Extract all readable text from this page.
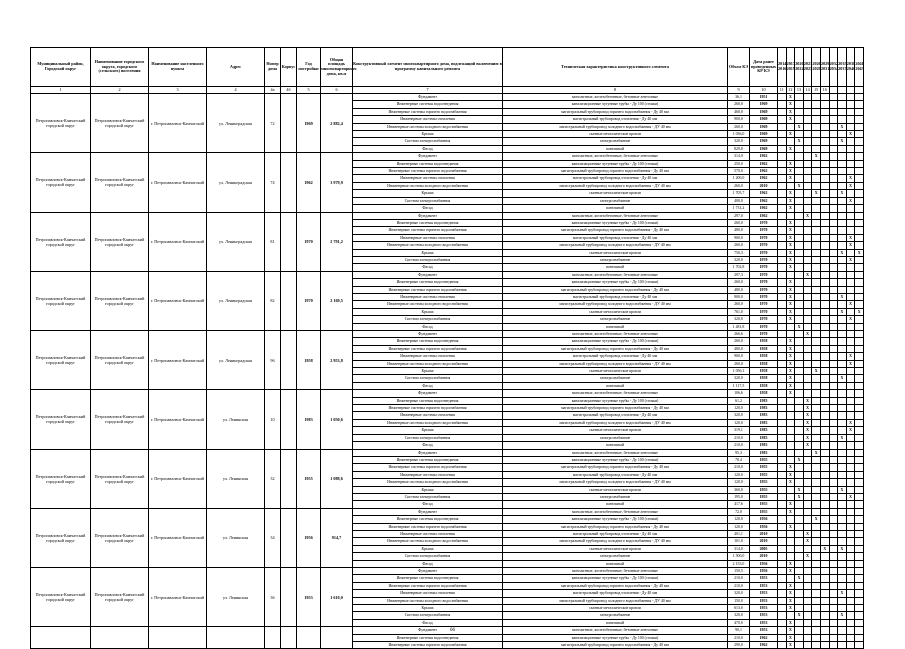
Муниципальный район, Городской округ	Наименование городского округа, городского (сельского) поселения	Наименование населенного пункта	Адрес	Номер дома	Корпус	Год постройки	Общая площадь многоквартирного дома, кв.м	Конструктивный элемент многоквартирного дома, подлежащий включению в программу капитального ремонта	Техническая характеристика конструктивного элемента	Объем КЭ	Дата ранее проведенных КР КЭ	2014 2016	2017 2019	2020 2022	2023 2025	2026 2028	2029 2031	2032 2034	2035 2037	2038 2040	2041 2043
1	2	3	4	4а	4б	5	6	7	8	9	10	11	12	13	14	15	16				
Петропавловск-Камчатский городской округ	Петропавловск-Камчатский городской округ	г. Петропавловск-Камчатский	ул. Ленинградская	72		1969	2 882,4	Фундамент	монолитные, железобетонные, бетонные ленточные	36,1	1951		X								
								Инженерные системы водоотведения	канализационные чугунные трубы - Ду 100 (стояки)	260,0	1969		X								
								Инженерные системы горячего водоснабжения	магистральный трубопровод горячего водоснабжения - Ду 40 мм	460,0	1969		X								
								Инженерные системы отопления	магистральный трубопровод отопления - Ду 40 мм	900,0	1969		X								
								Инженерные системы холодного водоснабжения	магистральный трубопровод холодного водоснабжения - ДУ 40 мм	260,0	1969			X					X		
								Крыша	скатные металлические кровли	1 036,0	1969		X							X	
								Система электроснабжения	электроснабжение	320,0	1969			X					X		
								Фасад	панельный	829,8	1969		X								
Петропавловск-Камчатский городской округ	Петропавловск-Камчатский городской округ	г. Петропавловск-Камчатский	ул. Ленинградская	74		1962	3 979,9	Фундамент	монолитные, железобетонные, бетонные ленточные	314,9	1962					X					
								Инженерные системы водоотведения	канализационные чугунные трубы - Ду 100 (стояки)	250,0	1962		X								
								Инженерные системы горячего водоснабжения	магистральный трубопровод горячего водоснабжения - Ду 40 мм	570,0	1962		X								
								Инженерные системы отопления	магистральный трубопровод отопления - Ду 40 мм	1 200,0	1962		X							X	
								Инженерные системы холодного водоснабжения	магистральный трубопровод холодного водоснабжения - ДУ 40 мм	260,0	2010			X						X	
								Крыша	скатные металлические кровли	1 705,7	1962		X			X			X		
								Система электроснабжения	электроснабжение	400,0	1962		X							X	
								Фасад	панельный	1 731,2	1962		X								
Петропавловск-Камчатский городской округ	Петропавловск-Камчатский городской округ	г. Петропавловск-Камчатский	ул. Ленинградская	81		1970	2 791,2	Фундамент	монолитные, железобетонные, бетонные ленточные	297,0	1962				X						
								Инженерные системы водоотведения	канализационные чугунные трубы - Ду 100 (стояки)	260,0	1970		X								
								Инженерные системы горячего водоснабжения	магистральный трубопровод горячего водоснабжения - Ду 40 мм	480,0	1970		X								
								Инженерные системы отопления	магистральный трубопровод отопления - Ду 40 мм	900,0	1970		X							X	
								Инженерные системы холодного водоснабжения	магистральный трубопровод холодного водоснабжения - ДУ 40 мм	260,0	1970		X							X	
								Крыша	скатные металлические кровли	750,3	1970		X						X		X
								Система электроснабжения	электроснабжение	320,0	1970		X							X	
								Фасад	панельный	1 702,8	1970		X								
Петропавловск-Камчатский городской округ	Петропавловск-Камчатский городской округ	г. Петропавловск-Камчатский	ул. Ленинградская	82		1970	2 169,5	Фундамент	монолитные, железобетонные, бетонные ленточные	297,3	1970				X						
								Инженерные системы водоотведения	канализационные чугунные трубы - Ду 100 (стояки)	260,0	1970		X								
								Инженерные системы горячего водоснабжения	магистральный трубопровод горячего водоснабжения - Ду 40 мм	480,0	1970		X								
								Инженерные системы отопления	магистральный трубопровод отопления - Ду 40 мм	900,0	1970		X						X		
								Инженерные системы холодного водоснабжения	магистральный трубопровод холодного водоснабжения - ДУ 40 мм	260,0	1970		X							X	
								Крыша	скатные металлические кровли	761,0	1970		X						X		X
								Система электроснабжения	электроснабжение	320,0	1970		X							X	
								Фасад	панельный	1 481,8	1970			X							
Петропавловск-Камчатский городской округ	Петропавловск-Камчатский городской округ	г. Петропавловск-Камчатский	ул. Ленинградская	96		1958	2 953,8	Фундамент	монолитные, железобетонные, бетонные ленточные	266,6	1970				X						
								Инженерные системы водоотведения	канализационные чугунные трубы - Ду 100 (стояки)	260,0	1958		X								
								Инженерные системы горячего водоснабжения	магистральный трубопровод горячего водоснабжения - Ду 40 мм	480,0	1958		X								
								Инженерные системы отопления	магистральный трубопровод отопления - Ду 40 мм	900,0	1958		X							X	
								Инженерные системы холодного водоснабжения	магистральный трубопровод холодного водоснабжения - ДУ 40 мм	260,0	1958		X							X	
								Крыша	скатные металлические кровли	1 056,1	1958		X			X					
								Система электроснабжения	электроснабжение	320,0	1958		X						X		
								Фасад	панельный	1 117,5	1958		X								
Петропавловск-Камчатский городской округ	Петропавловск-Камчатский городской округ	г. Петропавловск-Камчатский	ул. Ленинская	10		1983	1 050,6	Фундамент	монолитные, железобетонные, бетонные ленточные	106,6	1958		X								
								Инженерные системы водоотведения	канализационные чугунные трубы - Ду 100 (стояки)	61,2	1983				X						
								Инженерные системы горячего водоснабжения	магистральный трубопровод горячего водоснабжения - Ду 40 мм	120,0	1983				X						
								Инженерные системы отопления	магистральный трубопровод отопления - Ду 40 мм	320,0	1983				X						
								Инженерные системы холодного водоснабжения	магистральный трубопровод холодного водоснабжения - ДУ 40 мм	120,0	1983				X					X	
								Крыша	скатные металлические кровли	319,1	1983				X					X	
								Система электроснабжения	электроснабжение	210,0	1983				X				X		
								Фасад	панельный	210,0	1983				X						
Петропавловск-Камчатский городской округ	Петропавловск-Камчатский городской округ	г. Петропавловск-Камчатский	ул. Ленинская	32		1955	1 088,6	Фундамент	монолитные, железобетонные, бетонные ленточные	95,3	1983					X					
								Инженерные системы водоотведения	канализационные чугунные трубы - Ду 100 (стояки)	78,4	1955			X							
								Инженерные системы горячего водоснабжения	магистральный трубопровод горячего водоснабжения - Ду 40 мм	210,0	1955		X								
								Инженерные системы отопления	магистральный трубопровод отопления - Ду 40 мм	120,0	1955		X								
								Инженерные системы холодного водоснабжения	магистральный трубопровод холодного водоснабжения - ДУ 40 мм	120,0	1955		X								
								Крыша	скатные металлические кровли	360,0	1955			X					X		
								Система электроснабжения	электроснабжение	195,0	1955			X						X	
								Фасад	панельный	417,6	1955		X								
Петропавловск-Камчатский городской округ	Петропавловск-Камчатский городской округ	г. Петропавловск-Камчатский	ул. Ленинская	34		1956	914,7	Фундамент	монолитные, железобетонные, бетонные ленточные	72,0	1955		X								
								Инженерные системы водоотведения	канализационные чугунные трубы - Ду 100 (стояки)	120,0	1956					X					
								Инженерные системы горячего водоснабжения	магистральный трубопровод горячего водоснабжения - Ду 40 мм	120,0	1956		X								
								Инженерные системы отопления	магистральный трубопровод отопления - Ду 40 мм	401,1	2010				X						
								Инженерные системы холодного водоснабжения	магистральный трубопровод холодного водоснабжения - ДУ 40 мм	101,0	2010				X						
								Крыша	скатные металлические кровли	314,0	2005						X		X		
								Система электроснабжения	электроснабжение	1 500,0	2010				X						
								Фасад	панельный	2 155,0	1956		X								
Петропавловск-Камчатский городской округ	Петропавловск-Камчатский городской округ	г. Петропавловск-Камчатский	ул. Ленинская	36		1953	1 610,0	Фундамент	монолитные, железобетонные, бетонные ленточные	150,5	1956		X								
								Инженерные системы водоотведения	канализационные чугунные трубы - Ду 100 (стояки)	210,0	1953			X							
								Инженерные системы горячего водоснабжения	магистральный трубопровод горячего водоснабжения - Ду 40 мм	210,0	1953		X								
								Инженерные системы отопления	магистральный трубопровод отопления - Ду 40 мм	320,0	1953		X						X		
								Инженерные системы холодного водоснабжения	магистральный трубопровод холодного водоснабжения - ДУ 40 мм	150,0	1953		X								
								Крыша	скатные металлические кровли	613,0	1953		X								
								Система электроснабжения	электроснабжение	320,0	1953			X					X		
								Фасад	панельный	470,0	1953		X								
								Фундамент	монолитные, железобетонные, бетонные ленточные	90,1	1953		X								
								Инженерные системы водоотведения	канализационные чугунные трубы - Ду 100 (стояки)	210,0	1962		X								
								Инженерные системы горячего водоснабжения	магистральный трубопровод горячего водоснабжения - Ду 40 мм	290,0	1962		X								
66
